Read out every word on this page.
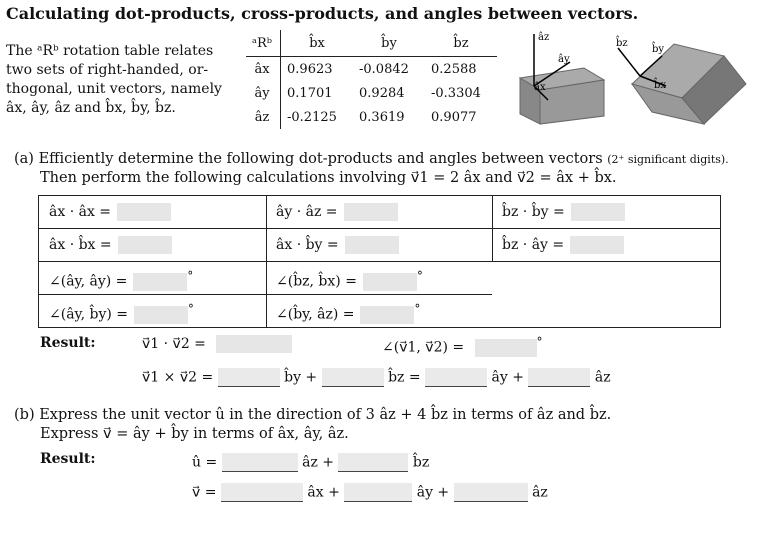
Calculating dot-products, cross-products, and angles between vectors.
The ᵃRᵇ rotation table relates
two sets of right-handed, or-
thogonal, unit vectors, namely
âx, ây, âz and b̂x, b̂y, b̂z.
ᵃRᵇ	b̂x	b̂y	b̂z
âx	0.9623	-0.0842	0.2588
ây	0.1701	0.9284	-0.3304
âz	-0.2125	0.3619	0.9077
âz
ây
âx
b̂z
b̂y
b̂x
(a) Efficiently determine the following dot-products and angles between vectors (2⁺ significant digits).
Then perform the following calculations involving v⃗1 = 2 âx and v⃗2 = âx + b̂x.
âx · âx =	ây · âz =	b̂z · b̂y =
âx · b̂x =	âx · b̂y =	b̂z · ây =
∠(ây, ây) =	°	∠(b̂z, b̂x) =	°
∠(ây, b̂y) =	°	∠(b̂y, âz) =	°
Result:	v⃗1 · v⃗2 =	∠(v⃗1, v⃗2) =	°
v⃗1 × v⃗2 =	b̂y +	b̂z =	ây +	âz
(b) Express the unit vector û in the direction of 3 âz + 4 b̂z in terms of âz and b̂z.
Express v⃗ = ây + b̂y in terms of âx, ây, âz.
Result:	û =	âz +	b̂z
v⃗ =	âx +	ây +	âz
